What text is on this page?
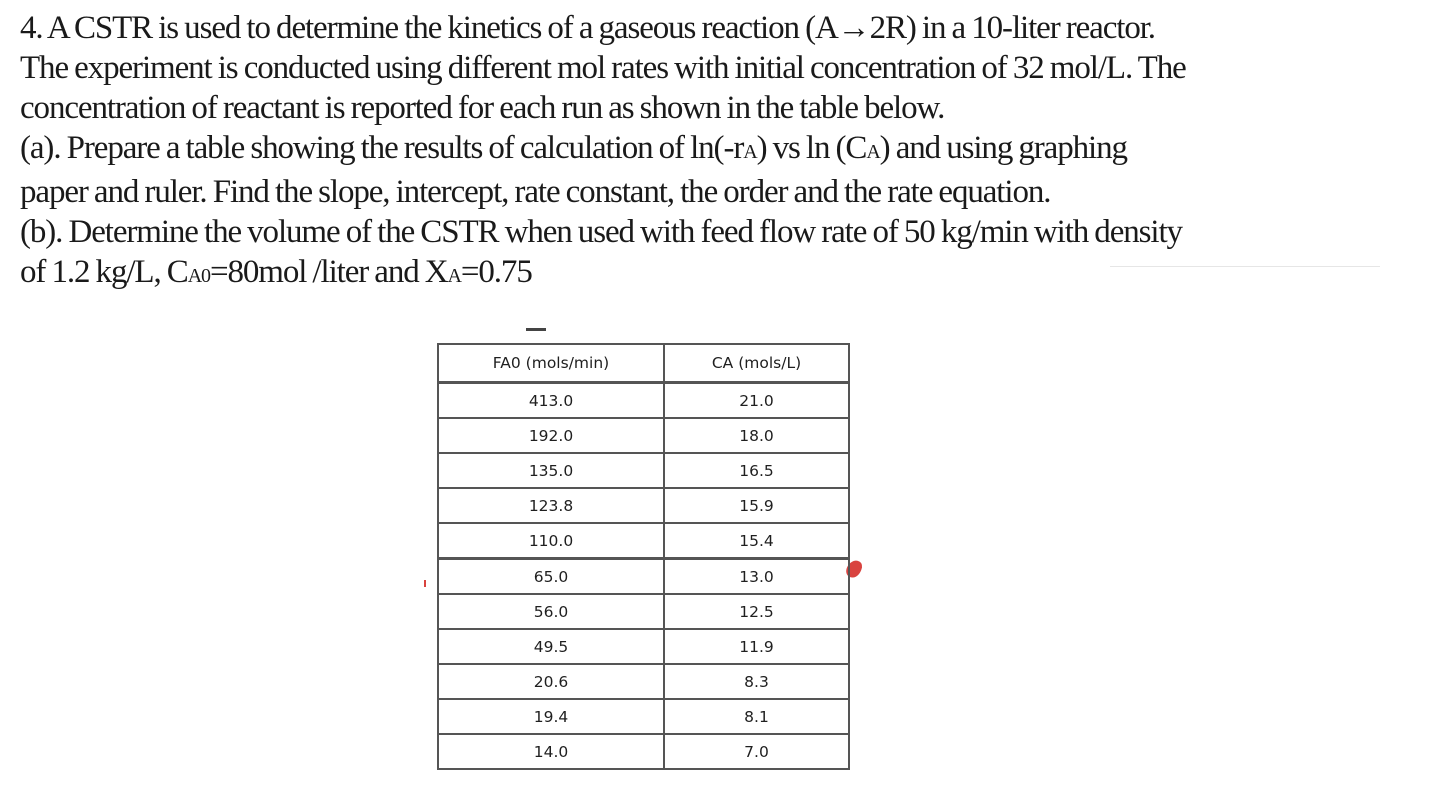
4. A CSTR is used to determine the kinetics of a gaseous reaction (A→2R) in a 10-liter reactor.
The experiment is conducted using different mol rates with initial concentration of 32 mol/L. The
concentration of reactant is reported for each run as shown in the table below.
(a). Prepare a table showing the results of calculation of ln(-rA) vs ln (CA) and using graphing
paper and ruler. Find the slope, intercept, rate constant, the order and the rate equation.
(b). Determine the volume of the CSTR when used with feed flow rate of 50 kg/min with density
of 1.2 kg/L, CA0=80mol /liter and XA=0.75
FA0 (mols/min)	CA (mols/L)
413.0	21.0
192.0	18.0
135.0	16.5
123.8	15.9
110.0	15.4
65.0	13.0
56.0	12.5
49.5	11.9
20.6	8.3
19.4	8.1
14.0	7.0
